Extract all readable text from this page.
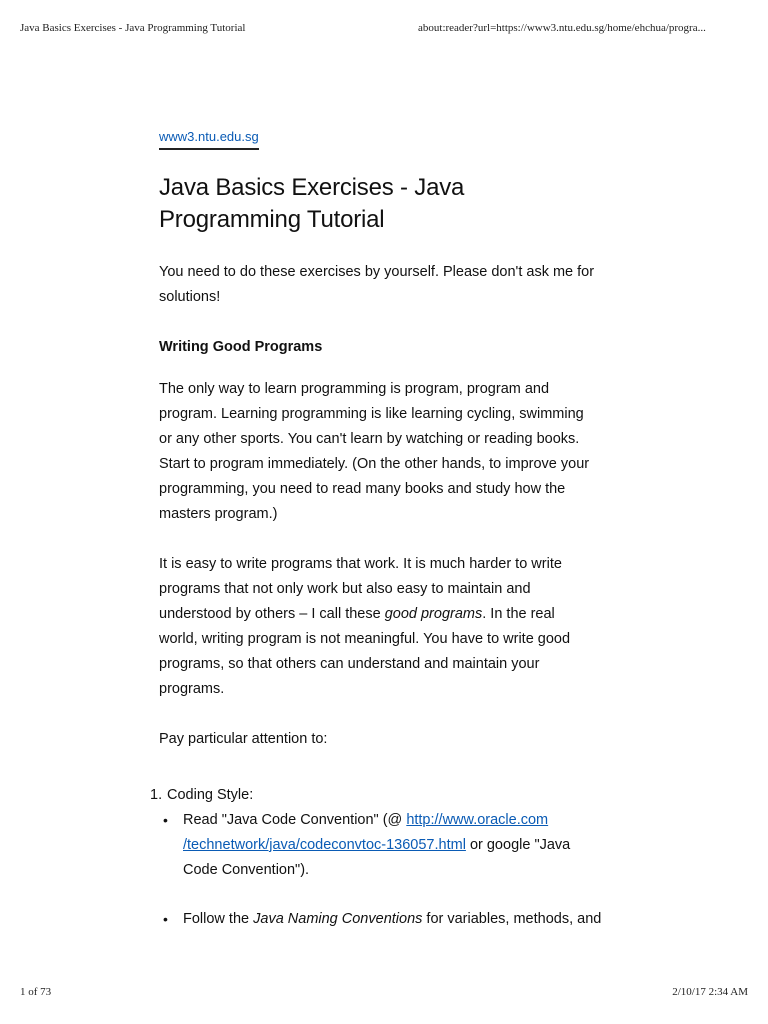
Java Basics Exercises - Java Programming Tutorial	about:reader?url=https://www3.ntu.edu.sg/home/ehchua/progra...
www3.ntu.edu.sg
Java Basics Exercises - Java
Programming Tutorial

You need to do these exercises by yourself. Please don't ask me for
solutions!

Writing Good Programs

The only way to learn programming is program, program and
program. Learning programming is like learning cycling, swimming
or any other sports. You can't learn by watching or reading books.
Start to program immediately. (On the other hands, to improve your
programming, you need to read many books and study how the
masters program.)

It is easy to write programs that work. It is much harder to write
programs that not only work but also easy to maintain and
understood by others – I call these good programs. In the real
world, writing program is not meaningful. You have to write good
programs, so that others can understand and maintain your
programs.

Pay particular attention to:

1. Coding Style:
• Read "Java Code Convention" (@ http://www.oracle.com
/technetwork/java/codeconvtoc-136057.html or google "Java
Code Convention").
• Follow the Java Naming Conventions for variables, methods, and
1 of 73	2/10/17 2:34 AM
